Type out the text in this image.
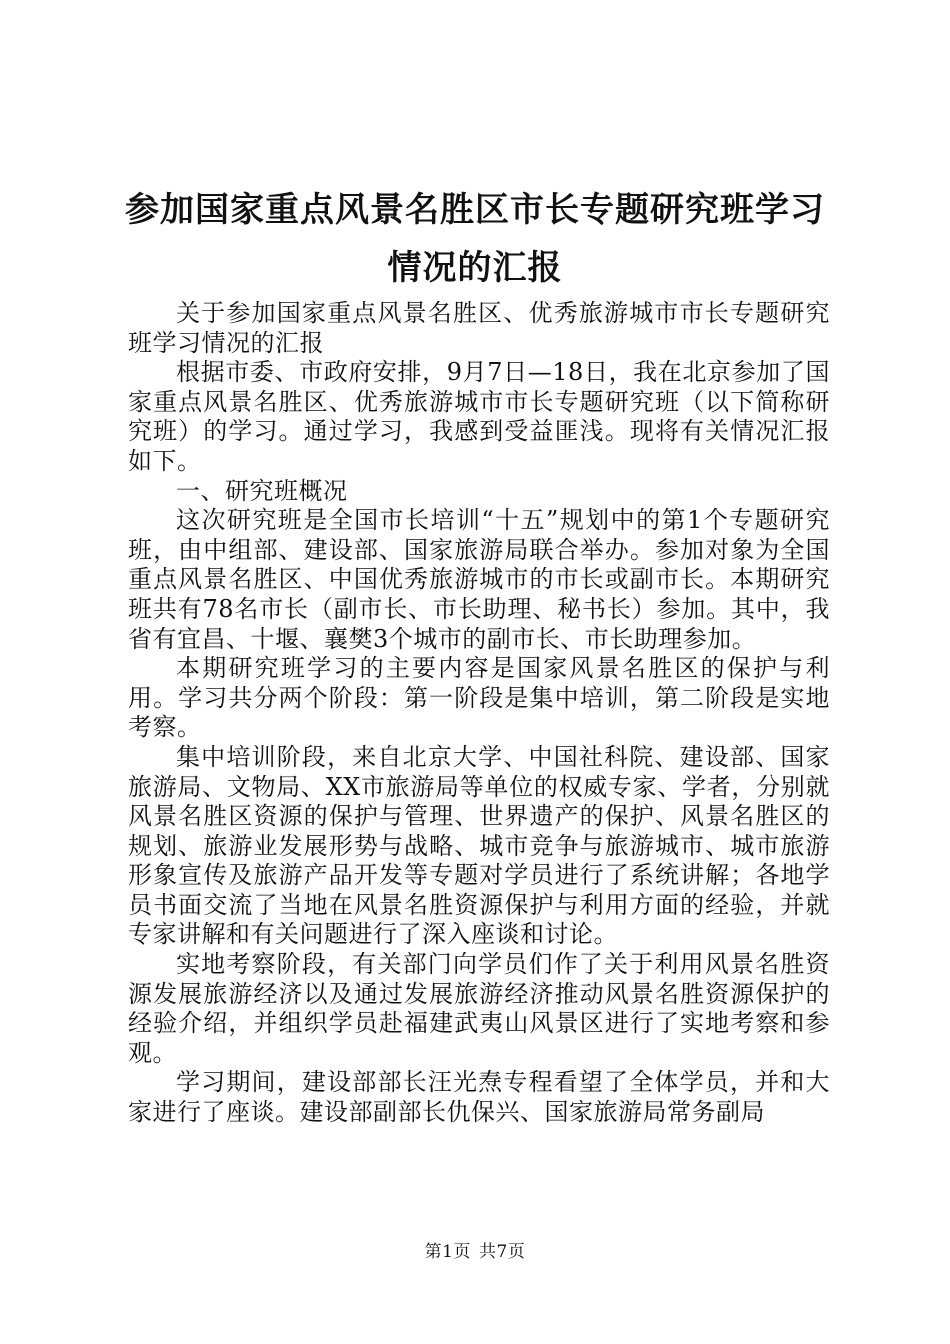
参加国家重点风景名胜区市长专题研究班学习
情况的汇报

关于参加国家重点风景名胜区、优秀旅游城市市长专题研究班学习情况的汇报

根据市委、市政府安排，9月7日—18日，我在北京参加了国家重点风景名胜区、优秀旅游城市市长专题研究班（以下简称研究班）的学习。通过学习，我感到受益匪浅。现将有关情况汇报如下。

一、研究班概况

这次研究班是全国市长培训“十五”规划中的第1个专题研究班，由中组部、建设部、国家旅游局联合举办。参加对象为全国重点风景名胜区、中国优秀旅游城市的市长或副市长。本期研究班共有78名市长（副市长、市长助理、秘书长）参加。其中，我省有宜昌、十堰、襄樊3个城市的副市长、市长助理参加。

本期研究班学习的主要内容是国家风景名胜区的保护与利用。学习共分两个阶段：第一阶段是集中培训，第二阶段是实地考察。

集中培训阶段，来自北京大学、中国社科院、建设部、国家旅游局、文物局、XX市旅游局等单位的权威专家、学者，分别就风景名胜区资源的保护与管理、世界遗产的保护、风景名胜区的规划、旅游业发展形势与战略、城市竞争与旅游城市、城市旅游形象宣传及旅游产品开发等专题对学员进行了系统讲解；各地学员书面交流了当地在风景名胜资源保护与利用方面的经验，并就专家讲解和有关问题进行了深入座谈和讨论。

实地考察阶段，有关部门向学员们作了关于利用风景名胜资源发展旅游经济以及通过发展旅游经济推动风景名胜资源保护的经验介绍，并组织学员赴福建武夷山风景区进行了实地考察和参观。

学习期间，建设部部长汪光焘专程看望了全体学员，并和大家进行了座谈。建设部副部长仇保兴、国家旅游局常务副局

第1页 共7页
